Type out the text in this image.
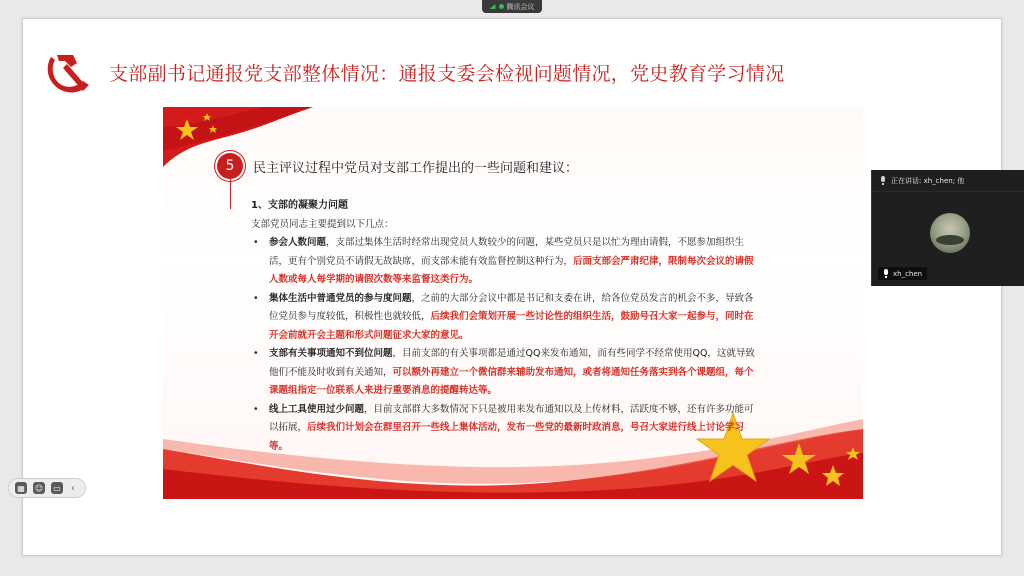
腾讯会议
支部副书记通报党支部整体情况：通报支委会检视问题情况，党史教育学习情况
5	民主评议过程中党员对支部工作提出的一些问题和建议：
1、支部的凝聚力问题
支部党员同志主要提到以下几点：
• 参会人数问题，支部过集体生活时经常出现党员人数较少的问题，某些党员只是以忙为理由请假，不愿参加组织生活，更有个别党员不请假无故缺席，而支部未能有效监督控制这种行为，后面支部会严肃纪律，限制每次会议的请假人数或每人每学期的请假次数等来监督这类行为。
• 集体生活中普通党员的参与度问题，之前的大部分会议中都是书记和支委在讲，给各位党员发言的机会不多，导致各位党员参与度较低，积极性也就较低，后续我们会策划开展一些讨论性的组织生活，鼓励号召大家一起参与，同时在开会前就开会主题和形式问题征求大家的意见。
• 支部有关事项通知不到位问题，目前支部的有关事项都是通过QQ来发布通知，而有些同学不经常使用QQ，这就导致他们不能及时收到有关通知，可以额外再建立一个微信群来辅助发布通知，或者将通知任务落实到各个课题组，每个课题组指定一位联系人来进行重要消息的提醒转达等。
• 线上工具使用过少问题，目前支部群大多数情况下只是被用来发布通知以及上传材料，活跃度不够，还有许多功能可以拓展，后续我们计划会在群里召开一些线上集体活动，发布一些党的最新时政消息，号召大家进行线上讨论学习等。
正在讲话: xh_chen; 他
xh_chen
▦ ☺ ▭ ‹
